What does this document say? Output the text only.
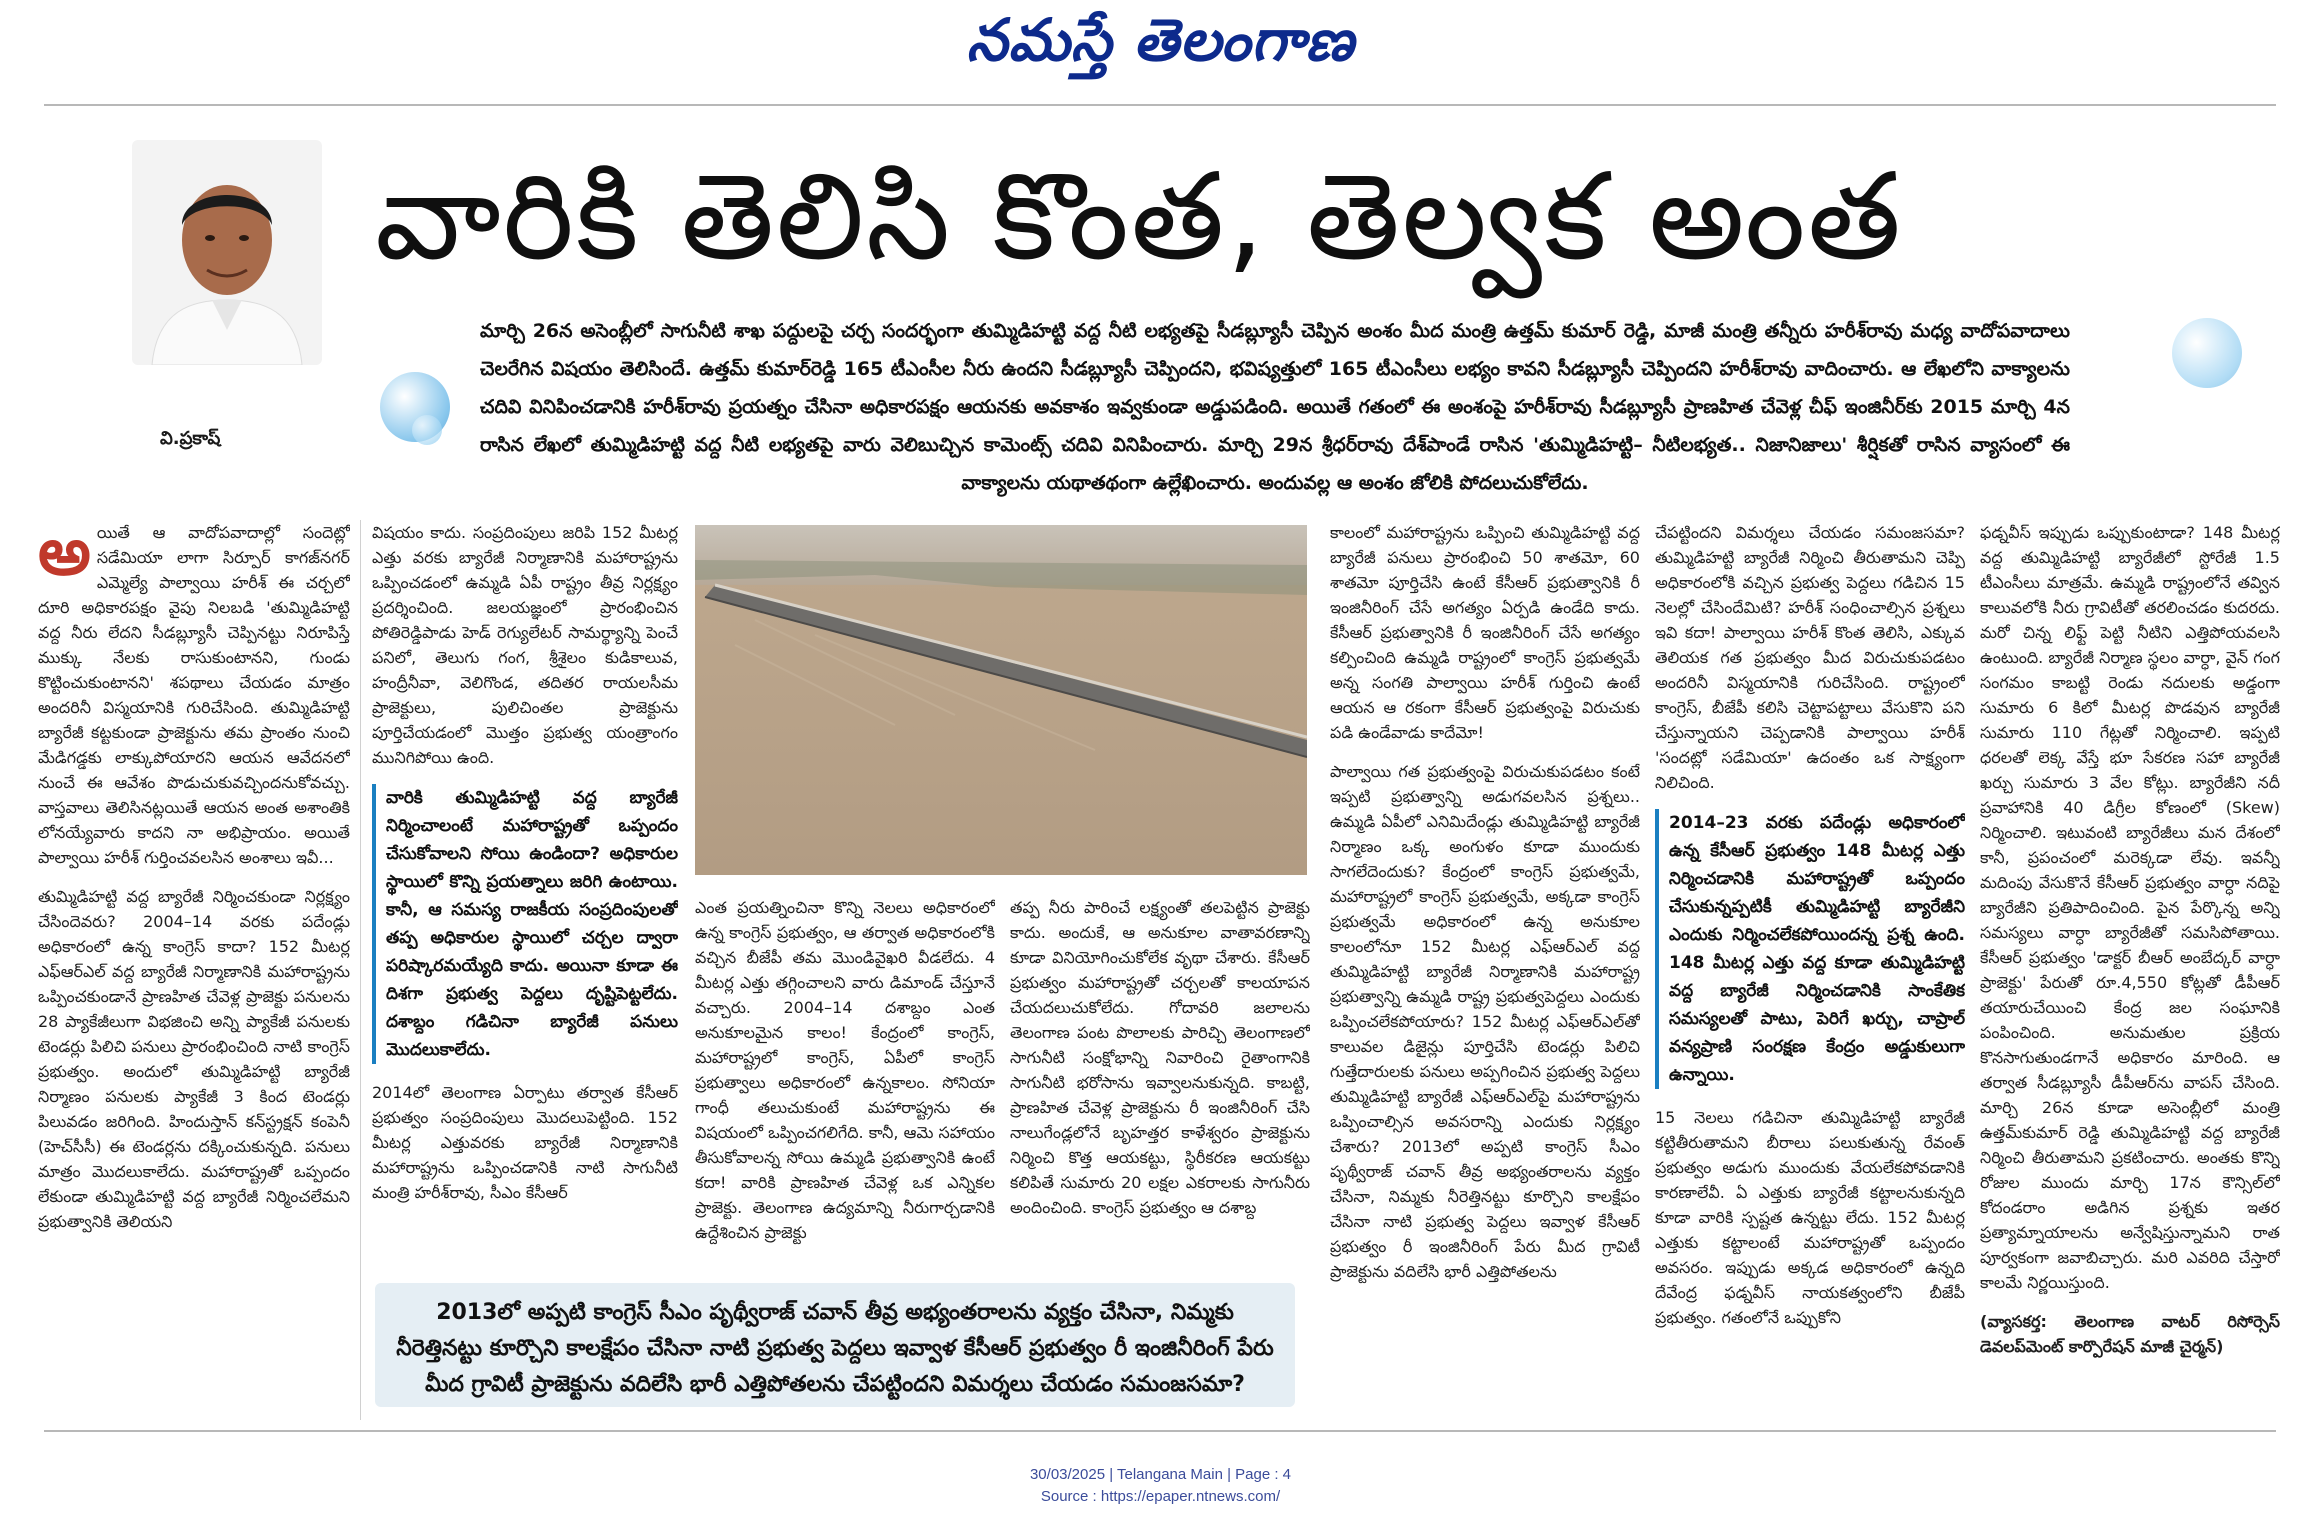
నమస్తే తెలంగాణ
వి.ప్రకాష్
వారికి తెలిసి కొంత, తెల్వక అంత
మార్చి 26న అసెంబ్లీలో సాగునీటి శాఖ పద్దులపై చర్చ సందర్భంగా తుమ్మిడిహట్టి వద్ద నీటి లభ్యతపై సీడబ్ల్యూసీ చెప్పిన అంశం మీద మంత్రి ఉత్తమ్ కుమార్ రెడ్డి, మాజీ మంత్రి తన్నీరు హరీశ్‌రావు మధ్య వాదోపవాదాలు చెలరేగిన విషయం తెలిసిందే. ఉత్తమ్ కుమార్‌రెడ్డి 165 టీఎంసీల నీరు ఉందని సీడబ్ల్యూసీ చెప్పిందని, భవిష్యత్తులో 165 టీఎంసీలు లభ్యం కావని సీడబ్ల్యూసీ చెప్పిందని హరీశ్‌రావు వాదించారు. ఆ లేఖలోని వాక్యాలను చదివి వినిపించడానికి హరీశ్‌రావు ప్రయత్నం చేసినా అధికారపక్షం ఆయనకు అవకాశం ఇవ్వకుండా అడ్డుపడింది. అయితే గతంలో ఈ అంశంపై హరీశ్‌రావు సీడబ్ల్యూసీ ప్రాణహిత చేవెళ్ల చీఫ్ ఇంజినీర్‌కు 2015 మార్చి 4న రాసిన లేఖలో తుమ్మిడిహట్టి వద్ద నీటి లభ్యతపై వారు వెలిబుచ్చిన కామెంట్స్ చదివి వినిపించారు. మార్చి 29న శ్రీధర్‌రావు దేశ్‌పాండే రాసిన 'తుమ్మిడిహట్టి– నీటిలభ్యత.. నిజానిజాలు' శీర్షికతో రాసిన వ్యాసంలో ఈ వాక్యాలను యథాతథంగా ఉల్లేఖించారు. అందువల్ల ఆ అంశం జోలికి పోదలుచుకోలేదు.
అ యితే ఆ వాదోపవాదాల్లో సందెట్లో సడేమియా లాగా సిర్పూర్ కాగజ్‌నగర్ ఎమ్మెల్యే పాల్వాయి హరీశ్ ఈ చర్చలో దూరి అధికారపక్షం వైపు నిలబడి 'తుమ్మిడిహట్టి వద్ద నీరు లేదని సీడబ్ల్యూసీ చెప్పినట్టు నిరూపిస్తే ముక్కు నేలకు రాసుకుంటానని, గుండు కొట్టించుకుంటానని' శపథాలు చేయడం మాత్రం అందరినీ విస్మయానికి గురిచేసింది. తుమ్మిడిహట్టి బ్యారేజీ కట్టకుండా ప్రాజెక్టును తమ ప్రాంతం నుంచి మేడిగడ్డకు లాక్కుపోయారని ఆయన ఆవేదనలో నుంచే ఈ ఆవేశం పొడుచుకువచ్చిందనుకోవచ్చు. వాస్తవాలు తెలిసినట్లయితే ఆయన అంత అశాంతికి లోనయ్యేవారు కాదని నా అభిప్రాయం. అయితే పాల్వాయి హరీశ్ గుర్తించవలసిన అంశాలు ఇవీ...

తుమ్మిడిహట్టి వద్ద బ్యారేజీ నిర్మించకుండా నిర్లక్ష్యం చేసిందెవరు? 2004–14 వరకు పదేండ్లు అధికారంలో ఉన్న కాంగ్రెస్ కాదా? 152 మీటర్ల ఎఫ్‌ఆర్‌ఎల్ వద్ద బ్యారేజీ నిర్మాణానికి మహారాష్ట్రను ఒప్పించకుండానే ప్రాణహిత చేవెళ్ల ప్రాజెక్టు పనులను 28 ప్యాకేజీలుగా విభజించి అన్ని ప్యాకేజీ పనులకు టెండర్లు పిలిచి పనులు ప్రారంభించింది నాటి కాంగ్రెస్ ప్రభుత్వం. అందులో తుమ్మిడిహట్టి బ్యారేజీ నిర్మాణం పనులకు ప్యాకేజీ 3 కింద టెండర్లు పిలువడం జరిగింది. హిందుస్తాన్ కన్‌స్ట్రక్షన్ కంపెనీ (హెచ్‌సీసీ) ఈ టెండర్లను దక్కించుకున్నది. పనులు మాత్రం మొదలుకాలేదు. మహారాష్ట్రతో ఒప్పందం లేకుండా తుమ్మిడిహట్టి వద్ద బ్యారేజీ నిర్మించలేమని ప్రభుత్వానికి తెలియని

విషయం కాదు. సంప్రదింపులు జరిపి 152 మీటర్ల ఎత్తు వరకు బ్యారేజీ నిర్మాణానికి మహారాష్ట్రను ఒప్పించడంలో ఉమ్మడి ఏపీ రాష్ట్రం తీవ్ర నిర్లక్ష్యం ప్రదర్శించింది. జలయజ్ఞంలో ప్రారంభించిన పోతిరెడ్డిపాడు హెడ్ రెగ్యులేటర్ సామర్థ్యాన్ని పెంచే పనిలో, తెలుగు గంగ, శ్రీశైలం కుడికాలువ, హంద్రీనీవా, వెలిగొండ, తదితర రాయలసీమ ప్రాజెక్టులు, పులిచింతల ప్రాజెక్టును పూర్తిచేయడంలో మొత్తం ప్రభుత్వ యంత్రాంగం మునిగిపోయి ఉంది.

వారికి తుమ్మిడిహట్టి వద్ద బ్యారేజీ నిర్మించాలంటే మహారాష్ట్రతో ఒప్పందం చేసుకోవాలని సోయి ఉండిందా? అధికారుల స్థాయిలో కొన్ని ప్రయత్నాలు జరిగి ఉంటాయి. కానీ, ఆ సమస్య రాజకీయ సంప్రదింపులతో తప్ప అధికారుల స్థాయిలో చర్చల ద్వారా పరిష్కారమయ్యేది కాదు. అయినా కూడా ఈ దిశగా ప్రభుత్వ పెద్దలు దృష్టిపెట్టలేదు. దశాబ్దం గడిచినా బ్యారేజీ పనులు మొదలుకాలేదు.

2014లో తెలంగాణ ఏర్పాటు తర్వాత కేసీఆర్ ప్రభుత్వం సంప్రదింపులు మొదలుపెట్టింది. 152 మీటర్ల ఎత్తువరకు బ్యారేజీ నిర్మాణానికి మహారాష్ట్రను ఒప్పించడానికి నాటి సాగునీటి మంత్రి హరీశ్‌రావు, సీఎం కేసీఆర్

ఎంత ప్రయత్నించినా కొన్ని నెలలు అధికారంలో ఉన్న కాంగ్రెస్ ప్రభుత్వం, ఆ తర్వాత అధికారంలోకి వచ్చిన బీజేపీ తమ మొండివైఖరి వీడలేదు. 4 మీటర్ల ఎత్తు తగ్గించాలని వారు డిమాండ్ చేస్తూనే వచ్చారు. 2004–14 దశాబ్దం ఎంత అనుకూలమైన కాలం! కేంద్రంలో కాంగ్రెస్, మహారాష్ట్రలో కాంగ్రెస్, ఏపీలో కాంగ్రెస్ ప్రభుత్వాలు అధికారంలో ఉన్నకాలం. సోనియా గాంధీ తలుచుకుంటే మహారాష్ట్రను ఈ విషయంలో ఒప్పించగలిగేది. కానీ, ఆమె సహాయం తీసుకోవాలన్న సోయి ఉమ్మడి ప్రభుత్వానికి ఉంటే కదా! వారికి ప్రాణహిత చేవెళ్ల ఒక ఎన్నికల ప్రాజెక్టు. తెలంగాణ ఉద్యమాన్ని నీరుగార్చడానికి ఉద్దేశించిన ప్రాజెక్టు

తప్ప నీరు పారించే లక్ష్యంతో తలపెట్టిన ప్రాజెక్టు కాదు. అందుకే, ఆ అనుకూల వాతావరణాన్ని కూడా వినియోగించుకోలేక వృథా చేశారు. కేసీఆర్ ప్రభుత్వం మహారాష్ట్రతో చర్చలతో కాలయాపన చేయదలుచుకోలేదు. గోదావరి జలాలను తెలంగాణ పంట పొలాలకు పారిచ్చి తెలంగాణలో సాగునీటి సంక్షోభాన్ని నివారించి రైతాంగానికి సాగునీటి భరోసాను ఇవ్వాలనుకున్నది. కాబట్టి, ప్రాణహిత చేవెళ్ల ప్రాజెక్టును రీ ఇంజినీరింగ్ చేసి నాలుగేండ్లలోనే బృహత్తర కాళేశ్వరం ప్రాజెక్టును నిర్మించి కొత్త ఆయకట్టు, స్థిరీకరణ ఆయకట్టు కలిపితే సుమారు 20 లక్షల ఎకరాలకు సాగునీరు అందించింది. కాంగ్రెస్ ప్రభుత్వం ఆ దశాబ్ద

కాలంలో మహారాష్ట్రను ఒప్పించి తుమ్మిడిహట్టి వద్ద బ్యారేజీ పనులు ప్రారంభించి 50 శాతమో, 60 శాతమో పూర్తిచేసి ఉంటే కేసీఆర్ ప్రభుత్వానికి రీ ఇంజినీరింగ్ చేసే అగత్యం ఏర్పడి ఉండేది కాదు. కేసీఆర్ ప్రభుత్వానికి రీ ఇంజినీరింగ్ చేసే అగత్యం కల్పించింది ఉమ్మడి రాష్ట్రంలో కాంగ్రెస్ ప్రభుత్వమే అన్న సంగతి పాల్వాయి హరీశ్ గుర్తించి ఉంటే ఆయన ఆ రకంగా కేసీఆర్ ప్రభుత్వంపై విరుచుకు పడి ఉండేవాడు కాదేమో!

పాల్వాయి గత ప్రభుత్వంపై విరుచుకుపడటం కంటే ఇప్పటి ప్రభుత్వాన్ని అడుగవలసిన ప్రశ్నలు.. ఉమ్మడి ఏపీలో ఎనిమిదేండ్లు తుమ్మిడిహట్టి బ్యారేజీ నిర్మాణం ఒక్క అంగుళం కూడా ముందుకు సాగలేదెందుకు? కేంద్రంలో కాంగ్రెస్ ప్రభుత్వమే, మహారాష్ట్రలో కాంగ్రెస్ ప్రభుత్వమే, అక్కడా కాంగ్రెస్ ప్రభుత్వమే అధికారంలో ఉన్న అనుకూల కాలంలోనూ 152 మీటర్ల ఎఫ్‌ఆర్‌ఎల్ వద్ద తుమ్మిడిహట్టి బ్యారేజీ నిర్మాణానికి మహారాష్ట్ర ప్రభుత్వాన్ని ఉమ్మడి రాష్ట్ర ప్రభుత్వపెద్దలు ఎందుకు ఒప్పించలేకపోయారు? 152 మీటర్ల ఎఫ్‌ఆర్‌ఎల్‌తో కాలువల డిజైన్లు పూర్తిచేసి టెండర్లు పిలిచి గుత్తేదారులకు పనులు అప్పగించిన ప్రభుత్వ పెద్దలు తుమ్మిడిహట్టి బ్యారేజీ ఎఫ్‌ఆర్‌ఎల్‌పై మహారాష్ట్రను ఒప్పించాల్సిన అవసరాన్ని ఎందుకు నిర్లక్ష్యం చేశారు? 2013లో అప్పటి కాంగ్రెస్ సీఎం పృథ్వీరాజ్ చవాన్ తీవ్ర అభ్యంతరాలను వ్యక్తం చేసినా, నిమ్మకు నీరెత్తినట్టు కూర్చొని కాలక్షేపం చేసినా నాటి ప్రభుత్వ పెద్దలు ఇవ్వాళ కేసీఆర్ ప్రభుత్వం రీ ఇంజినీరింగ్ పేరు మీద గ్రావిటీ ప్రాజెక్టును వదిలేసి భారీ ఎత్తిపోతలను

చేపట్టిందని విమర్శలు చేయడం సమంజసమా? తుమ్మిడిహట్టి బ్యారేజీ నిర్మించి తీరుతామని చెప్పి అధికారంలోకి వచ్చిన ప్రభుత్వ పెద్దలు గడిచిన 15 నెలల్లో చేసిందేమిటి? హరీశ్ సంధించాల్సిన ప్రశ్నలు ఇవి కదా! పాల్వాయి హరీశ్ కొంత తెలిసి, ఎక్కువ తెలియక గత ప్రభుత్వం మీద విరుచుకుపడటం అందరినీ విస్మయానికి గురిచేసింది. రాష్ట్రంలో కాంగ్రెస్, బీజేపీ కలిసి చెట్టాపట్టాలు వేసుకొని పని చేస్తున్నాయని చెప్పడానికి పాల్వాయి హరీశ్ 'సందట్లో సడేమియా' ఉదంతం ఒక సాక్ష్యంగా నిలిచింది.

2014–23 వరకు పదేండ్లు అధికారంలో ఉన్న కేసీఆర్ ప్రభుత్వం 148 మీటర్ల ఎత్తు నిర్మించడానికి మహారాష్ట్రతో ఒప్పందం చేసుకున్నప్పటికీ తుమ్మిడిహట్టి బ్యారేజీని ఎందుకు నిర్మించలేకపోయిందన్న ప్రశ్న ఉంది. 148 మీటర్ల ఎత్తు వద్ద కూడా తుమ్మిడిహట్టి వద్ద బ్యారేజీ నిర్మించడానికి సాంకేతిక సమస్యలతో పాటు, పెరిగే ఖర్చు, చాప్రాల్ వన్యప్రాణి సంరక్షణ కేంద్రం అడ్డుకులుగా ఉన్నాయి.

15 నెలలు గడిచినా తుమ్మిడిహట్టి బ్యారేజీ కట్టితీరుతామని బీరాలు పలుకుతున్న రేవంత్ ప్రభుత్వం అడుగు ముందుకు వేయలేకపోవడానికి కారణాలేవీ. ఏ ఎత్తుకు బ్యారేజీ కట్టాలనుకున్నది కూడా వారికి స్పష్టత ఉన్నట్టు లేదు. 152 మీటర్ల ఎత్తుకు కట్టాలంటే మహారాష్ట్రతో ఒప్పందం అవసరం. ఇప్పుడు అక్కడ అధికారంలో ఉన్నది దేవేంద్ర ఫడ్నవీస్ నాయకత్వంలోని బీజేపీ ప్రభుత్వం. గతంలోనే ఒప్పుకోని

ఫడ్నవీస్ ఇప్పుడు ఒప్పుకుంటాడా? 148 మీటర్ల వద్ద తుమ్మిడిహట్టి బ్యారేజీలో స్టోరేజీ 1.5 టీఎంసీలు మాత్రమే. ఉమ్మడి రాష్ట్రంలోనే తవ్విన కాలువలోకి నీరు గ్రావిటీతో తరలించడం కుదరదు. మరో చిన్న లిఫ్ట్ పెట్టి నీటిని ఎత్తిపోయవలసి ఉంటుంది. బ్యారేజీ నిర్మాణ స్థలం వార్ధా, వైన్ గంగ సంగమం కాబట్టి రెండు నదులకు అడ్డంగా సుమారు 6 కిలో మీటర్ల పొడవున బ్యారేజీ సుమారు 110 గేట్లతో నిర్మించాలి. ఇప్పటి ధరలతో లెక్క వేస్తే భూ సేకరణ సహా బ్యారేజీ ఖర్చు సుమారు 3 వేల కోట్లు. బ్యారేజీని నదీ ప్రవాహానికి 40 డిగ్రీల కోణంలో (Skew) నిర్మించాలి. ఇటువంటి బ్యారేజీలు మన దేశంలో కానీ, ప్రపంచంలో మరెక్కడా లేవు. ఇవన్నీ మదింపు వేసుకొనే కేసీఆర్ ప్రభుత్వం వార్ధా నదిపై బ్యారేజీని ప్రతిపాదించింది. పైన పేర్కొన్న అన్ని సమస్యలు వార్ధా బ్యారేజీతో సమసిపోతాయి. కేసీఆర్ ప్రభుత్వం 'డాక్టర్ బీఆర్ అంబేద్కర్ వార్ధా ప్రాజెక్టు' పేరుతో రూ.4,550 కోట్లతో డీపీఆర్ తయారుచేయించి కేంద్ర జల సంఘానికి పంపించింది. అనుమతుల ప్రక్రియ కొనసాగుతుండగానే అధికారం మారింది. ఆ తర్వాత సీడబ్ల్యూసీ డీపీఆర్‌ను వాపస్ చేసింది. మార్చి 26న కూడా అసెంబ్లీలో మంత్రి ఉత్తమ్‌కుమార్ రెడ్డి తుమ్మిడిహట్టి వద్ద బ్యారేజీ నిర్మించి తీరుతామని ప్రకటించారు. అంతకు కొన్ని రోజుల ముందు మార్చి 17న కౌన్సిల్‌లో కోదండరాం అడిగిన ప్రశ్నకు ఇతర ప్రత్యామ్నాయాలను అన్వేషిస్తున్నామని రాత పూర్వకంగా జవాబిచ్చారు. మరి ఎవరిది చేస్తారో కాలమే నిర్ణయిస్తుంది.

(వ్యాసకర్త: తెలంగాణ వాటర్ రిసోర్సెస్ డెవలప్‌మెంట్ కార్పొరేషన్ మాజీ చైర్మన్)

2013లో అప్పటి కాంగ్రెస్ సీఎం పృథ్వీరాజ్ చవాన్ తీవ్ర అభ్యంతరాలను వ్యక్తం చేసినా, నిమ్మకు నీరెత్తినట్టు కూర్చొని కాలక్షేపం చేసినా నాటి ప్రభుత్వ పెద్దలు ఇవ్వాళ కేసీఆర్ ప్రభుత్వం రీ ఇంజినీరింగ్ పేరు మీద గ్రావిటీ ప్రాజెక్టును వదిలేసి భారీ ఎత్తిపోతలను చేపట్టిందని విమర్శలు చేయడం సమంజసమా?
30/03/2025 | Telangana Main | Page : 4
Source : https://epaper.ntnews.com/
